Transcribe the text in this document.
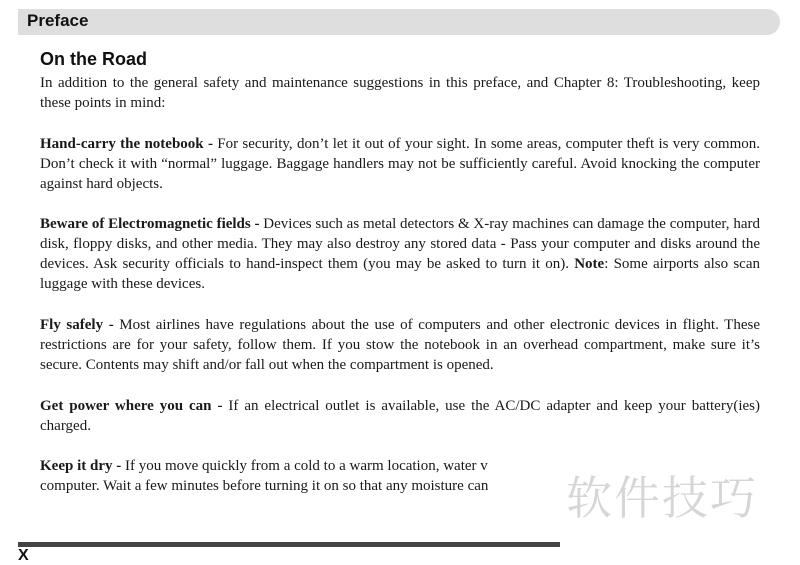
Preface
On the Road

In addition to the general safety and maintenance suggestions in this preface, and Chapter 8: Troubleshooting, keep these points in mind:

Hand-carry the notebook - For security, don’t let it out of your sight. In some areas, computer theft is very common. Don’t check it with “normal” luggage. Baggage handlers may not be sufficiently careful. Avoid knocking the computer against hard objects.

Beware of Electromagnetic fields - Devices such as metal detectors & X-ray machines can damage the computer, hard disk, floppy disks, and other media. They may also destroy any stored data - Pass your computer and disks around the devices. Ask security officials to hand-inspect them (you may be asked to turn it on). Note: Some airports also scan luggage with these devices.

Fly safely - Most airlines have regulations about the use of computers and other electronic devices in flight. These restrictions are for your safety, follow them. If you stow the notebook in an overhead compartment, make sure it’s secure. Contents may shift and/or fall out when the compartment is opened.

Get power where you can - If an electrical outlet is available, use the AC/DC adapter and keep your battery(ies) charged.

Keep it dry - If you move quickly from a cold to a warm location, water v
computer. Wait a few minutes before turning it on so that any moisture can

X
软件技巧
